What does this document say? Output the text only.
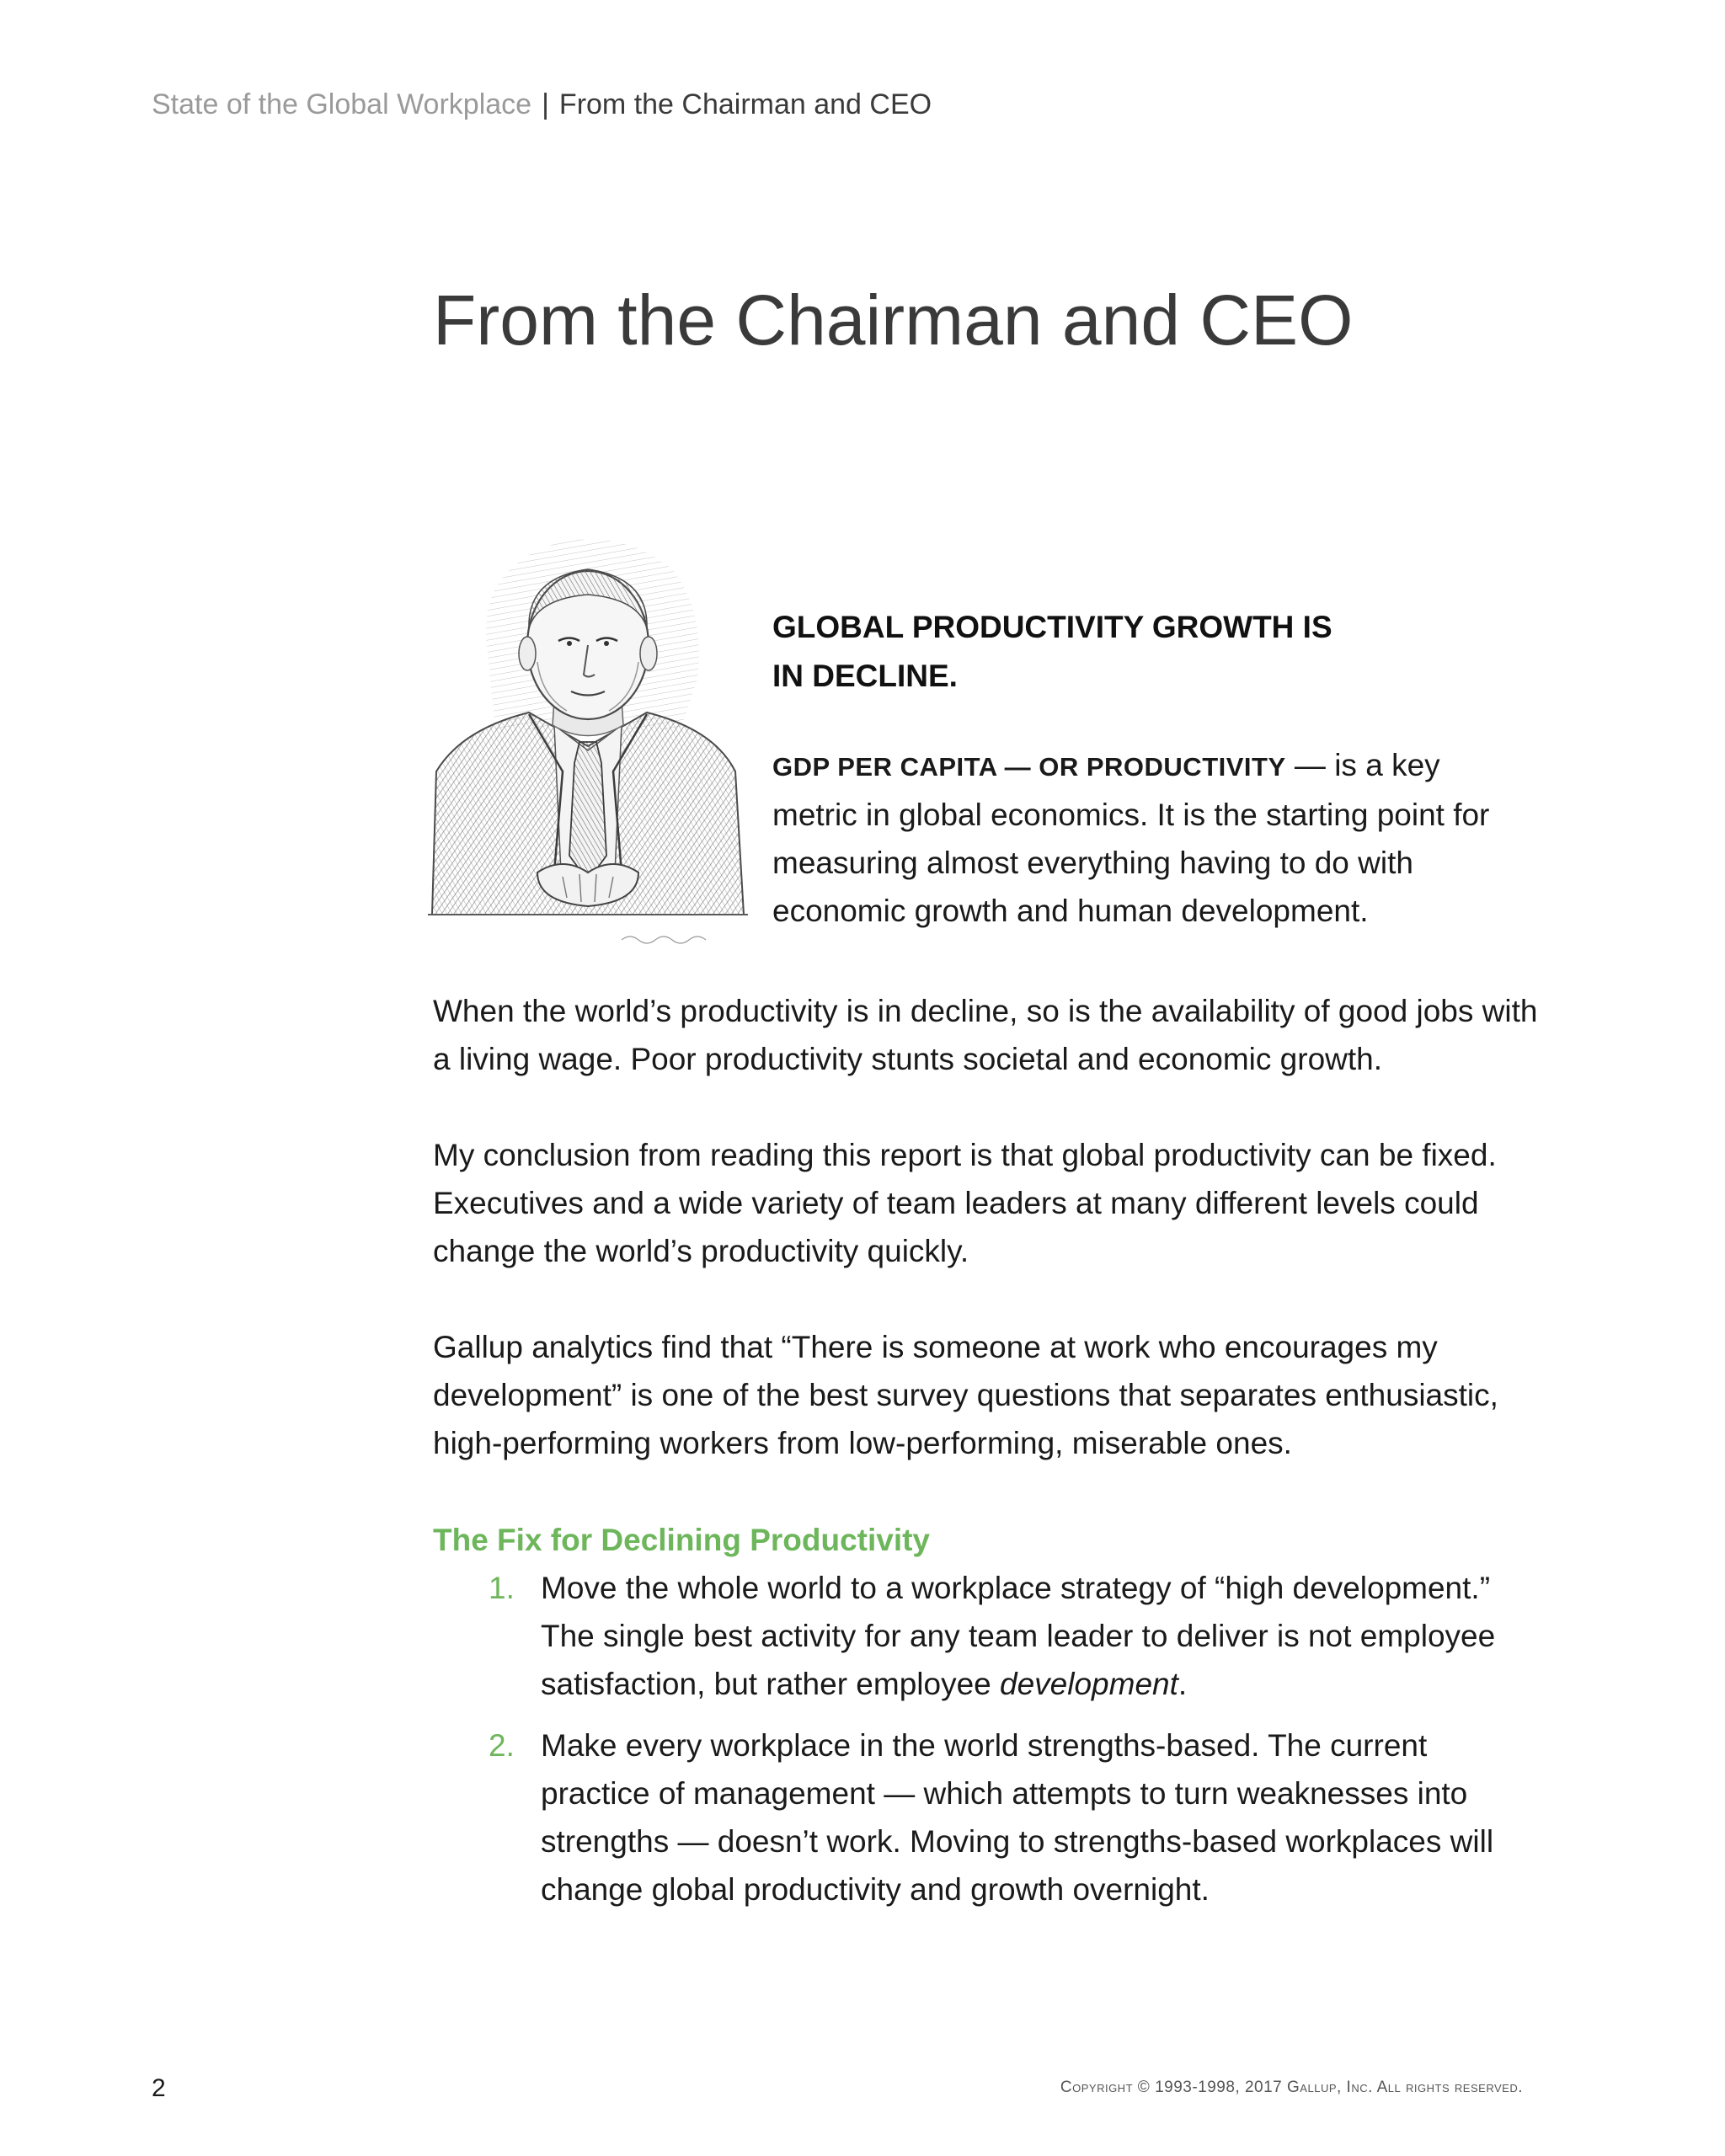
State of the Global Workplace | From the Chairman and CEO
From the Chairman and CEO
GLOBAL PRODUCTIVITY GROWTH IS
IN DECLINE.

GDP PER CAPITA — OR PRODUCTIVITY — is a key metric in global economics. It is the starting point for measuring almost everything having to do with economic growth and human development.

When the world’s productivity is in decline, so is the availability of good jobs with a living wage. Poor productivity stunts societal and economic growth.

My conclusion from reading this report is that global productivity can be fixed. Executives and a wide variety of team leaders at many different levels could change the world’s productivity quickly.

Gallup analytics find that “There is someone at work who encourages my development” is one of the best survey questions that separates enthusiastic, high-performing workers from low-performing, miserable ones.

The Fix for Declining Productivity
1. Move the whole world to a workplace strategy of “high development.” The single best activity for any team leader to deliver is not employee satisfaction, but rather employee development.
2. Make every workplace in the world strengths-based. The current practice of management — which attempts to turn weaknesses into strengths — doesn’t work. Moving to strengths-based workplaces will change global productivity and growth overnight.
2	Copyright © 1993-1998, 2017 Gallup, Inc. All rights reserved.
